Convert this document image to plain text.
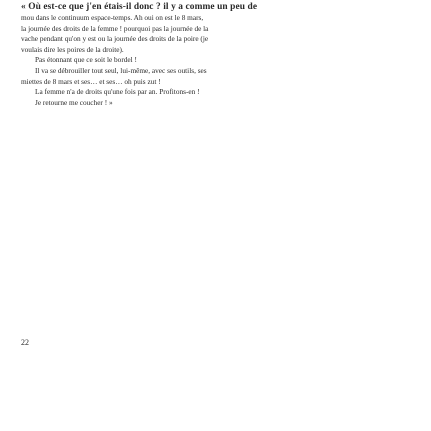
« Où est-ce que j'en étais-il donc ? il y a comme un peu de
mou dans le continuum espace-temps. Ah oui on est le 8 mars,
la journée des droits de la femme ! pourquoi pas la journée de la
vache pendant qu'on y est ou la journée des droits de la poire (je
voulais dire les poires de la droite).
Pas étonnant que ce soit le bordel !
Il va se débrouiller tout seul, lui-même, avec ses outils, ses
miettes de 8 mars et ses… et ses… oh puis zut !
La femme n'a de droits qu'une fois par an. Profitons-en !
Je retourne me coucher ! »
22
